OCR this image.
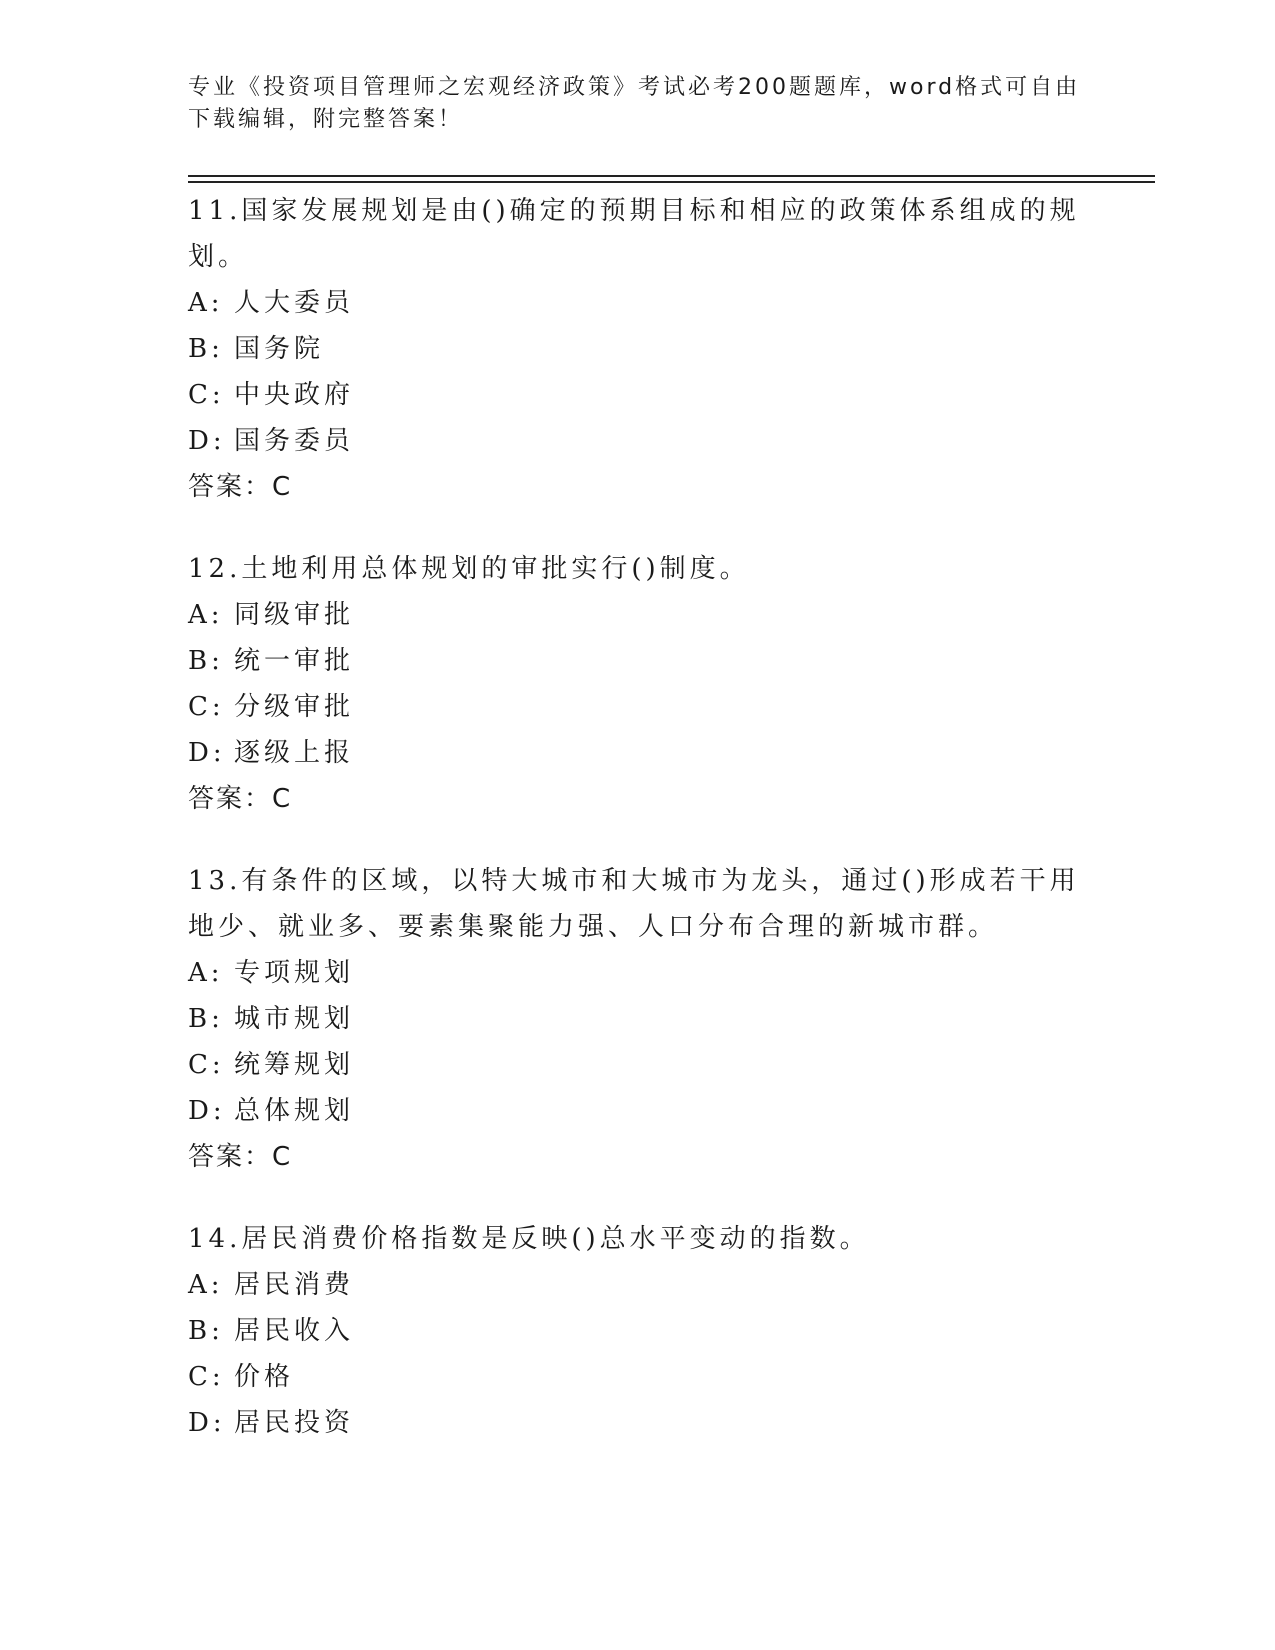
专业《投资项目管理师之宏观经济政策》考试必考200题题库，word格式可自由下载编辑，附完整答案！

11.国家发展规划是由()确定的预期目标和相应的政策体系组成的规划。

A: 人大委员
B: 国务院
C: 中央政府
D: 国务委员

答案：C

12.土地利用总体规划的审批实行()制度。

A: 同级审批
B: 统一审批
C: 分级审批
D: 逐级上报

答案：C

13.有条件的区域，以特大城市和大城市为龙头，通过()形成若干用地少、就业多、要素集聚能力强、人口分布合理的新城市群。

A: 专项规划
B: 城市规划
C: 统筹规划
D: 总体规划

答案：C

14.居民消费价格指数是反映()总水平变动的指数。

A: 居民消费
B: 居民收入
C: 价格
D: 居民投资
